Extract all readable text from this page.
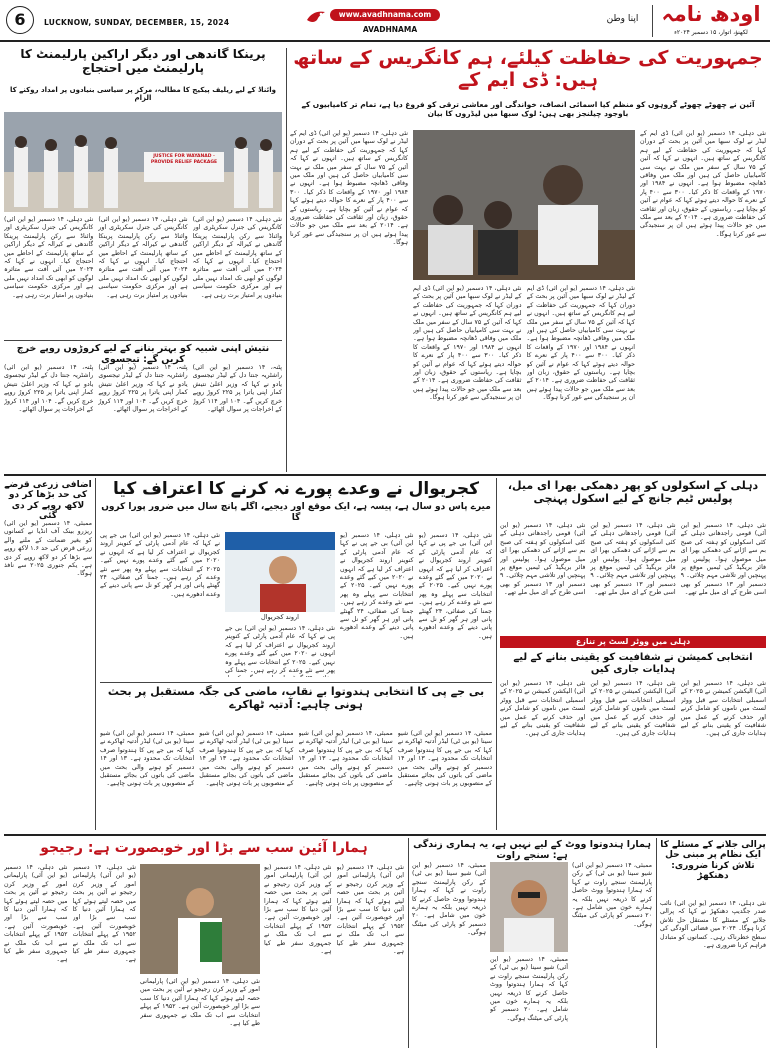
6	LUCKNOW, SUNDAY, DECEMBER, 15, 2024
www.avadhnama.com
AVADHNAMA
اپنا وطن	اودھ نامہ
لکھنؤ، اتوار، ۱۵ دسمبر ۲۰۲۴ء
جمہوریت کی حفاظت کیلئے، ہم کانگریس کے ساتھ ہیں: ڈی ایم کے
آئین نے چھوٹے چھوٹے گروہوں کو منظم کیا اسمائی انصاف، خواندگی اور معاشی ترقی کو فروغ دیا ہے، تمام تر کامیابیوں کے باوجود چیلنجز بھی ہیں: لوک سبھا میں لیڈروں کا بیان
نئی دہلی، ۱۴ دسمبر (یو این آئی) ڈی ایم کے لیڈر نے لوک سبھا میں آئین پر بحث کے دوران کہا کہ جمہوریت کی حفاظت کے لیے ہم کانگریس کے ساتھ ہیں۔ انہوں نے کہا کہ آئین کے ۷۵ سال کے سفر میں ملک نے بہت سی کامیابیاں حاصل کی ہیں اور ملک میں وفاقی ڈھانچہ مضبوط ہوا ہے۔ انہوں نے ۱۹۸۴ اور ۱۹۷۰ کے واقعات کا ذکر کیا۔ ۳۰۰ سے ۴۰۰ پار کے نعرے کا حوالہ دیتے ہوئے کہا کہ عوام نے آئین کو بچایا ہے۔ ریاستوں کے حقوق، زبان اور ثقافت کی حفاظت ضروری ہے۔ ۲۰۱۴ کے بعد سے ملک میں جو حالات پیدا ہوئے ہیں ان پر سنجیدگی سے غور کرنا ہوگا۔
نئی دہلی، ۱۴ دسمبر (یو این آئی) ڈی ایم کے لیڈر نے لوک سبھا میں آئین پر بحث کے دوران کہا کہ جمہوریت کی حفاظت کے لیے ہم کانگریس کے ساتھ ہیں۔ انہوں نے کہا کہ آئین کے ۷۵ سال کے سفر میں ملک نے بہت سی کامیابیاں حاصل کی ہیں اور ملک میں وفاقی ڈھانچہ مضبوط ہوا ہے۔ انہوں نے ۱۹۸۴ اور ۱۹۷۰ کے واقعات کا ذکر کیا۔ ۳۰۰ سے ۴۰۰ پار کے نعرے کا حوالہ دیتے ہوئے کہا کہ عوام نے آئین کو بچایا ہے۔ ریاستوں کے حقوق، زبان اور ثقافت کی حفاظت ضروری ہے۔ ۲۰۱۴ کے بعد سے ملک میں جو حالات پیدا ہوئے ہیں ان پر سنجیدگی سے غور کرنا ہوگا۔
نئی دہلی، ۱۴ دسمبر (یو این آئی) ڈی ایم کے لیڈر نے لوک سبھا میں آئین پر بحث کے دوران کہا کہ جمہوریت کی حفاظت کے لیے ہم کانگریس کے ساتھ ہیں۔ انہوں نے کہا کہ آئین کے ۷۵ سال کے سفر میں ملک نے بہت سی کامیابیاں حاصل کی ہیں اور ملک میں وفاقی ڈھانچہ مضبوط ہوا ہے۔ انہوں نے ۱۹۸۴ اور ۱۹۷۰ کے واقعات کا ذکر کیا۔ ۳۰۰ سے ۴۰۰ پار کے نعرے کا حوالہ دیتے ہوئے کہا کہ عوام نے آئین کو بچایا ہے۔ ریاستوں کے حقوق، زبان اور ثقافت کی حفاظت ضروری ہے۔ ۲۰۱۴ کے بعد سے ملک میں جو حالات پیدا ہوئے ہیں ان پر سنجیدگی سے غور کرنا ہوگا۔
نئی دہلی، ۱۴ دسمبر (یو این آئی) ڈی ایم کے لیڈر نے لوک سبھا میں آئین پر بحث کے دوران کہا کہ جمہوریت کی حفاظت کے لیے ہم کانگریس کے ساتھ ہیں۔ انہوں نے کہا کہ آئین کے ۷۵ سال کے سفر میں ملک نے بہت سی کامیابیاں حاصل کی ہیں اور ملک میں وفاقی ڈھانچہ مضبوط ہوا ہے۔ انہوں نے ۱۹۸۴ اور ۱۹۷۰ کے واقعات کا ذکر کیا۔ ۳۰۰ سے ۴۰۰ پار کے نعرے کا حوالہ دیتے ہوئے کہا کہ عوام نے آئین کو بچایا ہے۔ ریاستوں کے حقوق، زبان اور ثقافت کی حفاظت ضروری ہے۔ ۲۰۱۴ کے بعد سے ملک میں جو حالات پیدا ہوئے ہیں ان پر سنجیدگی سے غور کرنا ہوگا۔
پرینکا گاندھی اور دیگر اراکین پارلیمنٹ کا پارلیمنٹ میں احتجاج
وائناڈ کے لیے ریلیف پیکیج کا مطالبہ، مرکز پر سیاسی بنیادوں پر امداد روکنے کا الزام
JUSTICE FOR WAYANAD · PROVIDE RELIEF PACKAGE
نئی دہلی، ۱۴ دسمبر (یو این آئی) کانگریس کی جنرل سکریٹری اور وائناڈ سے رکن پارلیمنٹ پرینکا گاندھی نے کیرالہ کے دیگر اراکین کے ساتھ پارلیمنٹ کے احاطے میں احتجاج کیا۔ انہوں نے کہا کہ ۲۰۲۴ میں آئی آفت سے متاثرہ لوگوں کو ابھی تک امداد نہیں ملی ہے اور مرکزی حکومت سیاسی بنیادوں پر امتیاز برت رہی ہے۔
نئی دہلی، ۱۴ دسمبر (یو این آئی) کانگریس کی جنرل سکریٹری اور وائناڈ سے رکن پارلیمنٹ پرینکا گاندھی نے کیرالہ کے دیگر اراکین کے ساتھ پارلیمنٹ کے احاطے میں احتجاج کیا۔ انہوں نے کہا کہ ۲۰۲۴ میں آئی آفت سے متاثرہ لوگوں کو ابھی تک امداد نہیں ملی ہے اور مرکزی حکومت سیاسی بنیادوں پر امتیاز برت رہی ہے۔
نئی دہلی، ۱۴ دسمبر (یو این آئی) کانگریس کی جنرل سکریٹری اور وائناڈ سے رکن پارلیمنٹ پرینکا گاندھی نے کیرالہ کے دیگر اراکین کے ساتھ پارلیمنٹ کے احاطے میں احتجاج کیا۔ انہوں نے کہا کہ ۲۰۲۴ میں آئی آفت سے متاثرہ لوگوں کو ابھی تک امداد نہیں ملی ہے اور مرکزی حکومت سیاسی بنیادوں پر امتیاز برت رہی ہے۔
نتیش اپنی شبیہ کو بہتر بنانے کے لیے کروڑوں روپے خرچ کریں گے: تیجسوی
پٹنہ، ۱۴ دسمبر (یو این آئی) راشٹریہ جنتا دل کے لیڈر تیجسوی یادو نے کہا کہ وزیر اعلیٰ نتیش کمار اپنی یاترا پر ۲۲۵ کروڑ روپے خرچ کریں گے۔ ۱۰۴ اور ۱۱۴ کروڑ کے اخراجات پر سوال اٹھائے۔
پٹنہ، ۱۴ دسمبر (یو این آئی) راشٹریہ جنتا دل کے لیڈر تیجسوی یادو نے کہا کہ وزیر اعلیٰ نتیش کمار اپنی یاترا پر ۲۲۵ کروڑ روپے خرچ کریں گے۔ ۱۰۴ اور ۱۱۴ کروڑ کے اخراجات پر سوال اٹھائے۔
پٹنہ، ۱۴ دسمبر (یو این آئی) راشٹریہ جنتا دل کے لیڈر تیجسوی یادو نے کہا کہ وزیر اعلیٰ نتیش کمار اپنی یاترا پر ۲۲۵ کروڑ روپے خرچ کریں گے۔ ۱۰۴ اور ۱۱۴ کروڑ کے اخراجات پر سوال اٹھائے۔
اضافی زرعی قرضے کی حد بڑھا کر دو لاکھ روپے کر دی گئی
ممبئی، ۱۴ دسمبر (یو این آئی) ریزرو بینک آف انڈیا نے کسانوں کو بغیر ضمانت کے ملنے والے زرعی قرض کی حد ۱.۶ لاکھ روپے سے بڑھا کر دو لاکھ روپے کر دی ہے۔ یکم جنوری ۲۰۲۵ سے نافذ ہوگا۔
کجریوال نے وعدے پورے نہ کرنے کا اعتراف کیا
میرے پاس دو سال ہے، پیسہ ہے، ایک موقع اور دیجیے، اگلے پانچ سال میں ضرور پورا کروں گا
اروند کجریوال
نئی دہلی، ۱۴ دسمبر (یو این آئی) بی جے پی نے کہا کہ عام آدمی پارٹی کے کنوینر اروند کجریوال نے اعتراف کر لیا ہے کہ انہوں نے ۲۰۲۰ میں کیے گئے وعدے پورے نہیں کیے۔ ۲۰۲۵ کے انتخابات سے پہلے وہ پھر سے نئے وعدے کر رہے ہیں۔ جمنا کی صفائی، ۲۴ گھنٹے پانی اور ہر گھر کو نل سے پانی دینے کے وعدے ادھورے ہیں۔
نئی دہلی، ۱۴ دسمبر (یو این آئی) بی جے پی نے کہا کہ عام آدمی پارٹی کے کنوینر اروند کجریوال نے اعتراف کر لیا ہے کہ انہوں نے ۲۰۲۰ میں کیے گئے وعدے پورے نہیں کیے۔ ۲۰۲۵ کے انتخابات سے پہلے وہ پھر سے نئے وعدے کر رہے ہیں۔ جمنا کی صفائی، ۲۴ گھنٹے پانی اور ہر گھر کو نل سے پانی دینے کے وعدے ادھورے ہیں۔
نئی دہلی، ۱۴ دسمبر (یو این آئی) بی جے پی نے کہا کہ عام آدمی پارٹی کے کنوینر اروند کجریوال نے اعتراف کر لیا ہے کہ انہوں نے ۲۰۲۰ میں کیے گئے وعدے پورے نہیں کیے۔ ۲۰۲۵ کے انتخابات سے پہلے وہ پھر سے نئے وعدے کر رہے ہیں۔ جمنا کی صفائی، ۲۴ گھنٹے پانی اور ہر گھر کو نل سے پانی دینے کے وعدے ادھورے ہیں۔
نئی دہلی، ۱۴ دسمبر (یو این آئی) بی جے پی نے کہا کہ عام آدمی پارٹی کے کنوینر اروند کجریوال نے اعتراف کر لیا ہے کہ انہوں نے ۲۰۲۰ میں کیے گئے وعدے پورے نہیں کیے۔ ۲۰۲۵ کے انتخابات سے پہلے وہ پھر سے نئے وعدے کر رہے ہیں۔ جمنا کی
بی جے پی کا انتخابی ہندوتوا بے نقاب، ماضی کی جگہ مستقبل پر بحث ہونی چاہیے: آدتیہ ٹھاکرے
ممبئی، ۱۴ دسمبر (یو این آئی) شیو سینا (یو بی ٹی) لیڈر آدتیہ ٹھاکرے نے کہا کہ بی جے پی کا ہندوتوا صرف انتخابات تک محدود ہے۔ ۱۳ اور ۱۴ دسمبر کو ہونے والی بحث میں ماضی کی باتوں کی بجائے مستقبل کے منصوبوں پر بات ہونی چاہیے۔
ممبئی، ۱۴ دسمبر (یو این آئی) شیو سینا (یو بی ٹی) لیڈر آدتیہ ٹھاکرے نے کہا کہ بی جے پی کا ہندوتوا صرف انتخابات تک محدود ہے۔ ۱۳ اور ۱۴ دسمبر کو ہونے والی بحث میں ماضی کی باتوں کی بجائے مستقبل کے منصوبوں پر بات ہونی چاہیے۔
ممبئی، ۱۴ دسمبر (یو این آئی) شیو سینا (یو بی ٹی) لیڈر آدتیہ ٹھاکرے نے کہا کہ بی جے پی کا ہندوتوا صرف انتخابات تک محدود ہے۔ ۱۳ اور ۱۴ دسمبر کو ہونے والی بحث میں ماضی کی باتوں کی بجائے مستقبل کے منصوبوں پر بات ہونی چاہیے۔
ممبئی، ۱۴ دسمبر (یو این آئی) شیو سینا (یو بی ٹی) لیڈر آدتیہ ٹھاکرے نے کہا کہ بی جے پی کا ہندوتوا صرف انتخابات تک محدود ہے۔ ۱۳ اور ۱۴ دسمبر کو ہونے والی بحث میں ماضی کی باتوں کی بجائے مستقبل کے منصوبوں پر بات ہونی چاہیے۔
دہلی کے اسکولوں کو پھر دھمکی بھرا ای میل، پولیس ٹیم جانچ کے لیے اسکول پہنچی
نئی دہلی، ۱۴ دسمبر (یو این آئی) قومی راجدھانی دہلی کے کئی اسکولوں کو ہفتہ کی صبح بم سے اڑانے کی دھمکی بھرا ای میل موصول ہوا۔ پولیس اور فائر بریگیڈ کی ٹیمیں موقع پر پہنچیں اور تلاشی مہم چلائی۔ ۹ دسمبر اور ۱۳ دسمبر کو بھی اسی طرح کے ای میل ملے تھے۔
نئی دہلی، ۱۴ دسمبر (یو این آئی) قومی راجدھانی دہلی کے کئی اسکولوں کو ہفتہ کی صبح بم سے اڑانے کی دھمکی بھرا ای میل موصول ہوا۔ پولیس اور فائر بریگیڈ کی ٹیمیں موقع پر پہنچیں اور تلاشی مہم چلائی۔ ۹ دسمبر اور ۱۳ دسمبر کو بھی اسی طرح کے ای میل ملے تھے۔
نئی دہلی، ۱۴ دسمبر (یو این آئی) قومی راجدھانی دہلی کے کئی اسکولوں کو ہفتہ کی صبح بم سے اڑانے کی دھمکی بھرا ای میل موصول ہوا۔ پولیس اور فائر بریگیڈ کی ٹیمیں موقع پر پہنچیں اور تلاشی مہم چلائی۔ ۹ دسمبر اور ۱۳ دسمبر کو بھی اسی طرح کے ای میل ملے تھے۔
دہلی میں ووٹر لسٹ پر تنازع
انتخابی کمیشن نے شفافیت کو یقینی بنانے کے لیے ہدایات جاری کیں
نئی دہلی، ۱۴ دسمبر (یو این آئی) الیکشن کمیشن نے ۲۰۲۵ کے اسمبلی انتخابات سے قبل ووٹر لسٹ میں ناموں کو شامل کرنے اور حذف کرنے کے عمل میں شفافیت کو یقینی بنانے کے لیے ہدایات جاری کی ہیں۔
نئی دہلی، ۱۴ دسمبر (یو این آئی) الیکشن کمیشن نے ۲۰۲۵ کے اسمبلی انتخابات سے قبل ووٹر لسٹ میں ناموں کو شامل کرنے اور حذف کرنے کے عمل میں شفافیت کو یقینی بنانے کے لیے ہدایات جاری کی ہیں۔
نئی دہلی، ۱۴ دسمبر (یو این آئی) الیکشن کمیشن نے ۲۰۲۵ کے اسمبلی انتخابات سے قبل ووٹر لسٹ میں ناموں کو شامل کرنے اور حذف کرنے کے عمل میں شفافیت کو یقینی بنانے کے لیے ہدایات جاری کی ہیں۔
ہمارا آئین سب سے بڑا اور خوبصورت ہے: رجیجو
نئی دہلی، ۱۴ دسمبر (یو این آئی) پارلیمانی امور کے وزیر کرن رجیجو نے آئین پر بحث میں حصہ لیتے ہوئے کہا کہ ہمارا آئین دنیا کا سب سے بڑا اور خوبصورت آئین ہے۔ ۱۹۵۲ کے پہلے انتخابات سے اب تک ملک نے جمہوری سفر طے کیا ہے۔
نئی دہلی، ۱۴ دسمبر (یو این آئی) پارلیمانی امور کے وزیر کرن رجیجو نے آئین پر بحث میں حصہ لیتے ہوئے کہا کہ ہمارا آئین دنیا کا سب سے بڑا اور خوبصورت آئین ہے۔ ۱۹۵۲ کے پہلے انتخابات سے اب تک ملک نے جمہوری سفر طے کیا ہے۔
نئی دہلی، ۱۴ دسمبر (یو این آئی) پارلیمانی امور کے وزیر کرن رجیجو نے آئین پر بحث میں حصہ لیتے ہوئے کہا کہ ہمارا آئین دنیا کا سب سے بڑا اور خوبصورت آئین ہے۔ ۱۹۵۲ کے پہلے انتخابات سے اب تک ملک نے جمہوری سفر طے کیا ہے۔
نئی دہلی، ۱۴ دسمبر (یو این آئی) پارلیمانی امور کے وزیر کرن رجیجو نے آئین پر بحث میں حصہ لیتے ہوئے کہا کہ ہمارا آئین دنیا کا سب سے بڑا اور خوبصورت آئین ہے۔ ۱۹۵۲ کے پہلے انتخابات سے اب تک ملک نے جمہوری سفر طے کیا ہے۔
نئی دہلی، ۱۴ دسمبر (یو این آئی) پارلیمانی امور کے وزیر کرن رجیجو نے آئین پر بحث میں حصہ لیتے ہوئے کہا کہ ہمارا آئین دنیا کا سب سے بڑا اور خوبصورت آئین ہے۔ ۱۹۵۲ کے پہلے انتخابات سے اب تک ملک نے جمہوری سفر طے کیا ہے۔
ہمارا ہندوتوا ووٹ کے لیے نہیں ہے، یہ ہماری زندگی ہے: سنجے راوت
ممبئی، ۱۴ دسمبر (یو این آئی) شیو سینا (یو بی ٹی) کے رکن پارلیمنٹ سنجے راوت نے کہا کہ ہمارا ہندوتوا ووٹ حاصل کرنے کا ذریعہ نہیں بلکہ یہ ہمارے خون میں شامل ہے۔ ۲۰ دسمبر کو پارٹی کی میٹنگ ہوگی۔
ممبئی، ۱۴ دسمبر (یو این آئی) شیو سینا (یو بی ٹی) کے رکن پارلیمنٹ سنجے راوت نے کہا کہ ہمارا ہندوتوا ووٹ حاصل کرنے کا ذریعہ نہیں بلکہ یہ ہمارے خون میں شامل ہے۔ ۲۰ دسمبر کو پارٹی کی میٹنگ ہوگی۔
ممبئی، ۱۴ دسمبر (یو این آئی) شیو سینا (یو بی ٹی) کے رکن پارلیمنٹ سنجے راوت نے کہا کہ ہمارا ہندوتوا ووٹ حاصل کرنے کا ذریعہ نہیں بلکہ یہ ہمارے خون میں شامل ہے۔ ۲۰ دسمبر کو پارٹی کی میٹنگ ہوگی۔
پرالی جلانے کے مسئلے کا ایک نظام پر مبنی حل تلاش کرنا ضروری: دھنکھڑ
نئی دہلی، ۱۴ دسمبر (یو این آئی) نائب صدر جگدیپ دھنکھڑ نے کہا کہ پرالی جلانے کے مسئلے کا مستقل حل تلاش کرنا ہوگا۔ ۲۰۲۴ میں فضائی آلودگی کی سطح خطرناک رہی۔ کسانوں کو متبادل فراہم کرنا ضروری ہے۔
